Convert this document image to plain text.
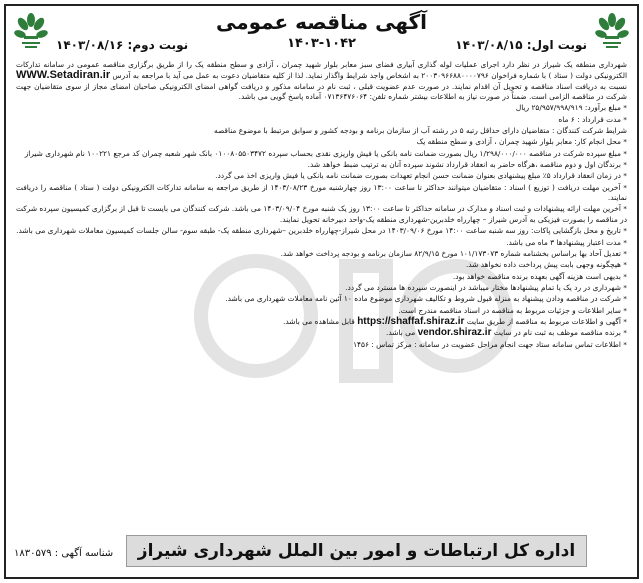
آگهی مناقصه عمومی
۱۴۰۳-۱۰۴۲	نوبت اول: ۱۴۰۳/۰۸/۱۵
نوبت دوم: ۱۴۰۳/۰۸/۱۶

شهرداری منطقه یک شیراز در نظر دارد اجرای عملیات لوله گذاری آبیاری فضای سبز معابر بلوار شهید چمران ، آزادی و سطح منطقه یک را از طریق برگزاری مناقصه عمومی در سامانه تدارکات الکترونیکی دولت ( ستاد ) با شماره فراخوان ۲۰۰۳۰۹۶۶۸۸۰۰۰۰۷۹۶ به اشخاص واجد شرایط واگذار نماید. لذا از کلیه متقاضیان دعوت به عمل می آید با مراجعه به آدرس WWW.Setadiran.ir نسبت به دریافت اسناد مناقصه و تحویل آن اقدام نمایند. در صورت عدم عضویت قبلی ، ثبت نام در سامانه مذکور و دریافت گواهی امضای الکترونیکی صاحبان امضای مجاز از سوی متقاضیان جهت شرکت در مناقصه الزامی است. ضمناً در صورت نیاز به اطلاعات بیشتر شماره تلفن: ۰۷۱۳۶۴۷۶۰۶۴ آماده پاسخ گویی می باشد.

* مبلغ برآورد: ۲۵/۹۵۷/۹۹۸/۹۱۹ ریال

* مدت قرارداد : ۶ ماه

شرایط شرکت کنندگان : متقاضیان دارای حداقل رتبه ۵ در رشته آب از سازمان برنامه و بودجه کشور و سوابق مرتبط با موضوع مناقصه

* محل انجام کار: معابر بلوار شهید چمران ، آزادی و سطح منطقه یک

* مبلغ سپرده شرکت در مناقصه ۱/۲۹۸/۰۰۰/۰۰۰ ریال بصورت ضمانت نامه بانکی یا فیش واریزی نقدی بحساب سپرده ۰۱۰۰۸۰۵۵۰۳۴۷۲ بانک شهر شعبه چمران کد مرجع ۱۰۰۲۲۱ نام شهرداری شیراز

* برندگان اول و دوم مناقصه ،هرگاه حاضر به انعقاد قرارداد نشوند سپرده آنان به ترتیب ضبط خواهد شد.

* در زمان انعقاد قرارداد ۵٪ مبلغ پیشنهادی بعنوان ضمانت حسن انجام تعهدات بصورت ضمانت نامه بانکی یا فیش واریزی اخذ می گردد.

* آخرین مهلت دریافت ( توزیع ) اسناد : متقاضیان میتوانند حداکثر تا ساعت ۱۳:۰۰ روز چهارشنبه مورخ ۱۴۰۳/۰۸/۲۳ از طریق مراجعه به سامانه تدارکات الکترونیکی دولت ( ستاد ) مناقصه را دریافت نمایند.

* آخرین مهلت ارائه پیشنهادات و ثبت اسناد و مدارک در سامانه حداکثر تا ساعت ۱۳:۰۰ روز یک شنبه مورخ ۱۴۰۳/۰۹/۰۴ می باشد. شرکت کنندگان می بایست تا قبل از برگزاری کمیسیون سپرده شرکت در مناقصه را بصورت فیزیکی به آدرس شیراز – چهارراه خلدبرین-شهرداری منطقه یک-واحد دبیرخانه تحویل نمایند.

* تاریخ و محل بازگشایی پاکات: روز سه شنبه ساعت ۱۴:۰۰ مورخ ۱۴۰۳/۰۹/۰۶ در محل شیراز-چهارراه خلدبرین –شهرداری منطقه یک- طبقه سوم- سالن جلسات کمیسیون معاملات شهرداری می باشد.

* مدت اعتبار پیشنهادها ۳ ماه می باشد.

* تعدیل آحاد بها براساس بخشنامه شماره ۱۰۱/۱۷۳۰۷۳ مورخ ۸۲/۹/۱۵ سازمان برنامه و بودجه پرداخت خواهد شد.

* هیچگونه وجهی بابت پیش پرداخت داده نخواهد شد.

* بدیهی است هزینه آگهی بعهده برنده مناقصه خواهد بود.

* شهرداری در رد یک یا تمام پیشنهادها مختار میباشد در اینصورت سپرده ها مسترد می گردد.

* شرکت در مناقصه ودادن پیشنهاد به منزله قبول شروط و تکالیف شهرداری موضوع ماده ۱۰ آئین نامه معاملات شهرداری می باشد.

* سایر اطلاعات و جزئیات مربوط به مناقصه در اسناد مناقصه مندرج است.

* آگهی و اطلاعات مربوط به مناقصه از طریق سایت https://shaffaf.shiraz.ir قابل مشاهده می باشد.

* برنده مناقصه موظف به ثبت نام در سایت vendor.shiraz.ir می باشد.

* اطلاعات تماس سامانه ستاد جهت انجام مراحل عضویت در سامانه : مرکز تماس : ۱۴۵۶

اداره کل ارتباطات و امور بین الملل شهرداری شیراز
شناسه آگهی : ۱۸۳۰۵۷۹
